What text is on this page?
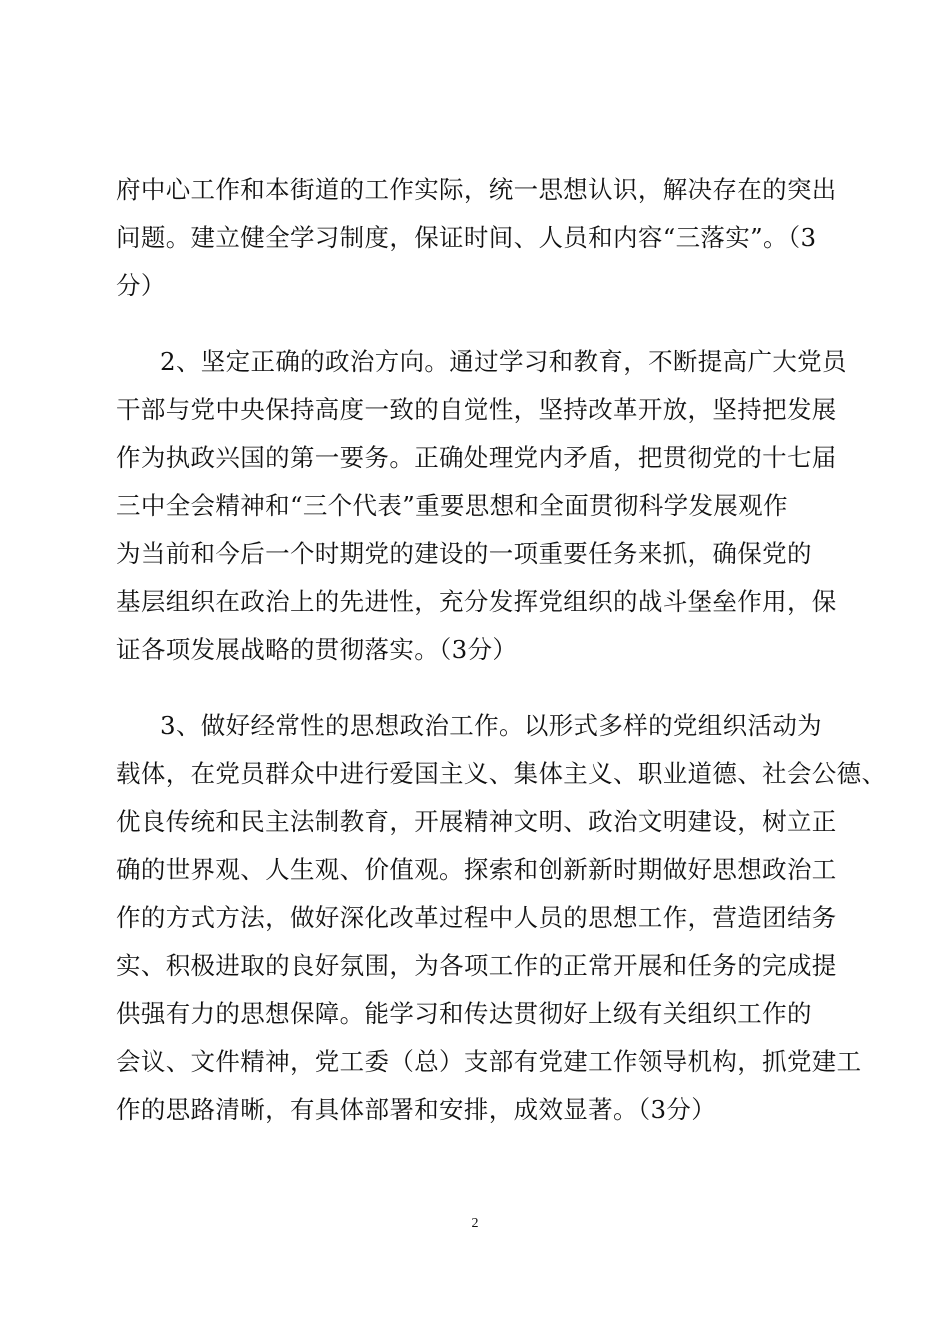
府中心工作和本街道的工作实际，统一思想认识，解决存在的突出
问题。建立健全学习制度，保证时间、人员和内容“三落实”。（3
分）
2、坚定正确的政治方向。通过学习和教育，不断提高广大党员
干部与党中央保持高度一致的自觉性，坚持改革开放，坚持把发展
作为执政兴国的第一要务。正确处理党内矛盾，把贯彻党的十七届
三中全会精神和“三个代表”重要思想和全面贯彻科学发展观作
为当前和今后一个时期党的建设的一项重要任务来抓，确保党的
基层组织在政治上的先进性，充分发挥党组织的战斗堡垒作用，保
证各项发展战略的贯彻落实。（3分）
3、做好经常性的思想政治工作。以形式多样的党组织活动为
载体，在党员群众中进行爱国主义、集体主义、职业道德、社会公德、
优良传统和民主法制教育，开展精神文明、政治文明建设，树立正
确的世界观、人生观、价值观。探索和创新新时期做好思想政治工
作的方式方法，做好深化改革过程中人员的思想工作，营造团结务
实、积极进取的良好氛围，为各项工作的正常开展和任务的完成提
供强有力的思想保障。能学习和传达贯彻好上级有关组织工作的
会议、文件精神，党工委（总）支部有党建工作领导机构，抓党建工
作的思路清晰，有具体部署和安排，成效显著。（3分）
2
